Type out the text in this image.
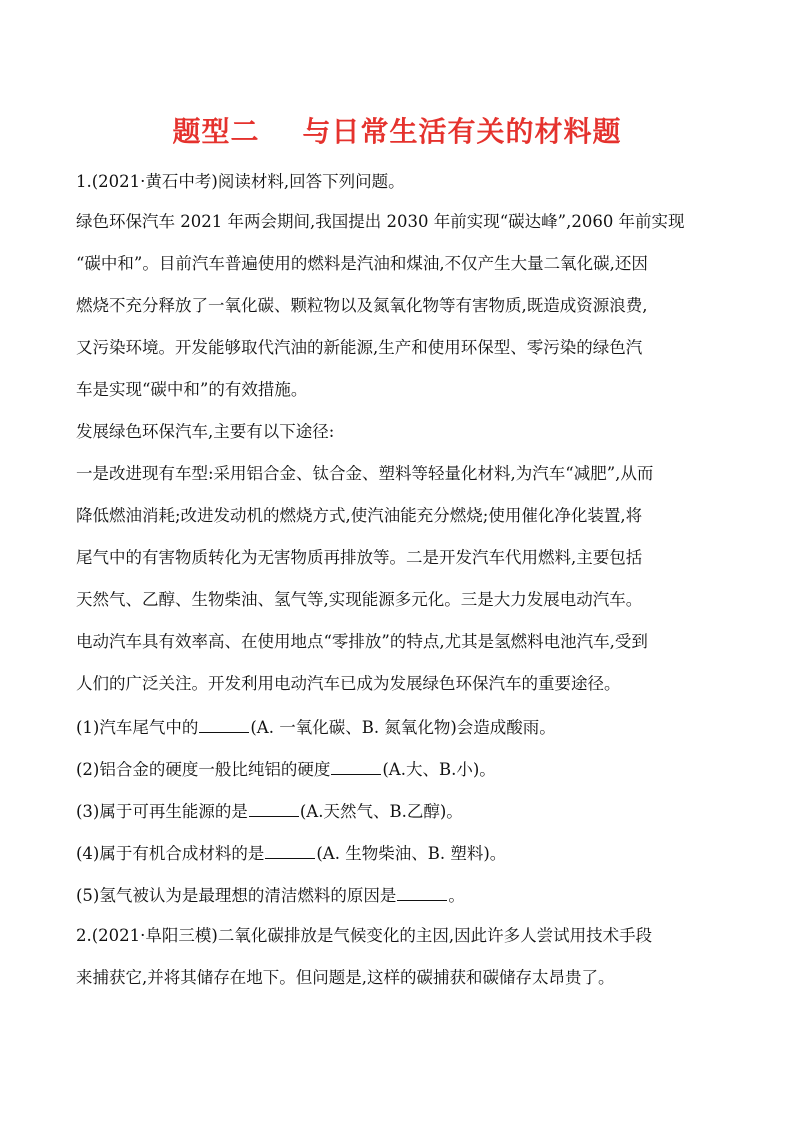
题型二    与日常生活有关的材料题
1.(2021·黄石中考)阅读材料,回答下列问题。
绿色环保汽车 2021 年两会期间,我国提出 2030 年前实现“碳达峰”,2060 年前实现
“碳中和”。目前汽车普遍使用的燃料是汽油和煤油,不仅产生大量二氧化碳,还因
燃烧不充分释放了一氧化碳、颗粒物以及氮氧化物等有害物质,既造成资源浪费,
又污染环境。开发能够取代汽油的新能源,生产和使用环保型、零污染的绿色汽
车是实现“碳中和”的有效措施。
发展绿色环保汽车,主要有以下途径:
一是改进现有车型:采用铝合金、钛合金、塑料等轻量化材料,为汽车“减肥”,从而
降低燃油消耗;改进发动机的燃烧方式,使汽油能充分燃烧;使用催化净化装置,将
尾气中的有害物质转化为无害物质再排放等。二是开发汽车代用燃料,主要包括
天然气、乙醇、生物柴油、氢气等,实现能源多元化。三是大力发展电动汽车。
电动汽车具有效率高、在使用地点“零排放”的特点,尤其是氢燃料电池汽车,受到
人们的广泛关注。开发利用电动汽车已成为发展绿色环保汽车的重要途径。
(1)汽车尾气中的	(A. 一氧化碳、B. 氮氧化物)会造成酸雨。
(2)铝合金的硬度一般比纯铝的硬度	(A.大、B.小)。
(3)属于可再生能源的是	(A.天然气、B.乙醇)。
(4)属于有机合成材料的是	(A. 生物柴油、B. 塑料)。
(5)氢气被认为是最理想的清洁燃料的原因是	。
2.(2021·阜阳三模)二氧化碳排放是气候变化的主因,因此许多人尝试用技术手段
来捕获它,并将其储存在地下。但问题是,这样的碳捕获和碳储存太昂贵了。
